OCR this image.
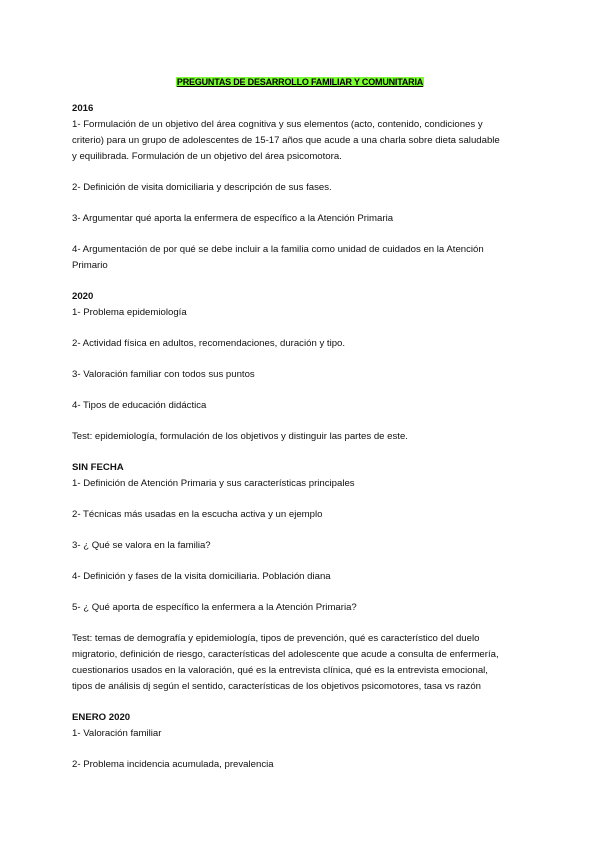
PREGUNTAS DE DESARROLLO FAMILIAR Y COMUNITARIA
2016
1- Formulación de un objetivo del área cognitiva y sus elementos (acto, contenido, condiciones y
criterio) para un grupo de adolescentes de 15-17 años que acude a una charla sobre dieta saludable
y equilibrada. Formulación de un objetivo del área psicomotora.
2- Definición de visita domiciliaria y descripción de sus fases.
3- Argumentar qué aporta la enfermera de específico a la Atención Primaria
4- Argumentación de por qué se debe incluir a la familia como unidad de cuidados en la Atención
Primario
2020
1- Problema epidemiología
2- Actividad física en adultos, recomendaciones, duración y tipo.
3- Valoración familiar con todos sus puntos
4- Tipos de educación didáctica
Test: epidemiología, formulación de los objetivos y distinguir las partes de este.
SIN FECHA
1- Definición de Atención Primaria y sus características principales
2- Técnicas más usadas en la escucha activa y un ejemplo
3- ¿ Qué se valora en la familia?
4- Definición y fases de la visita domiciliaria. Población diana
5- ¿ Qué aporta de específico la enfermera a la Atención Primaria?
Test: temas de demografía y epidemiología, tipos de prevención, qué es característico del duelo
migratorio, definición de riesgo, características del adolescente que acude a consulta de enfermería,
cuestionarios usados en la valoración, qué es la entrevista clínica, qué es la entrevista emocional,
tipos de análisis dį según el sentido, características de los objetivos psicomotores, tasa vs razón
ENERO 2020
1- Valoración familiar
2- Problema incidencia acumulada, prevalencia
